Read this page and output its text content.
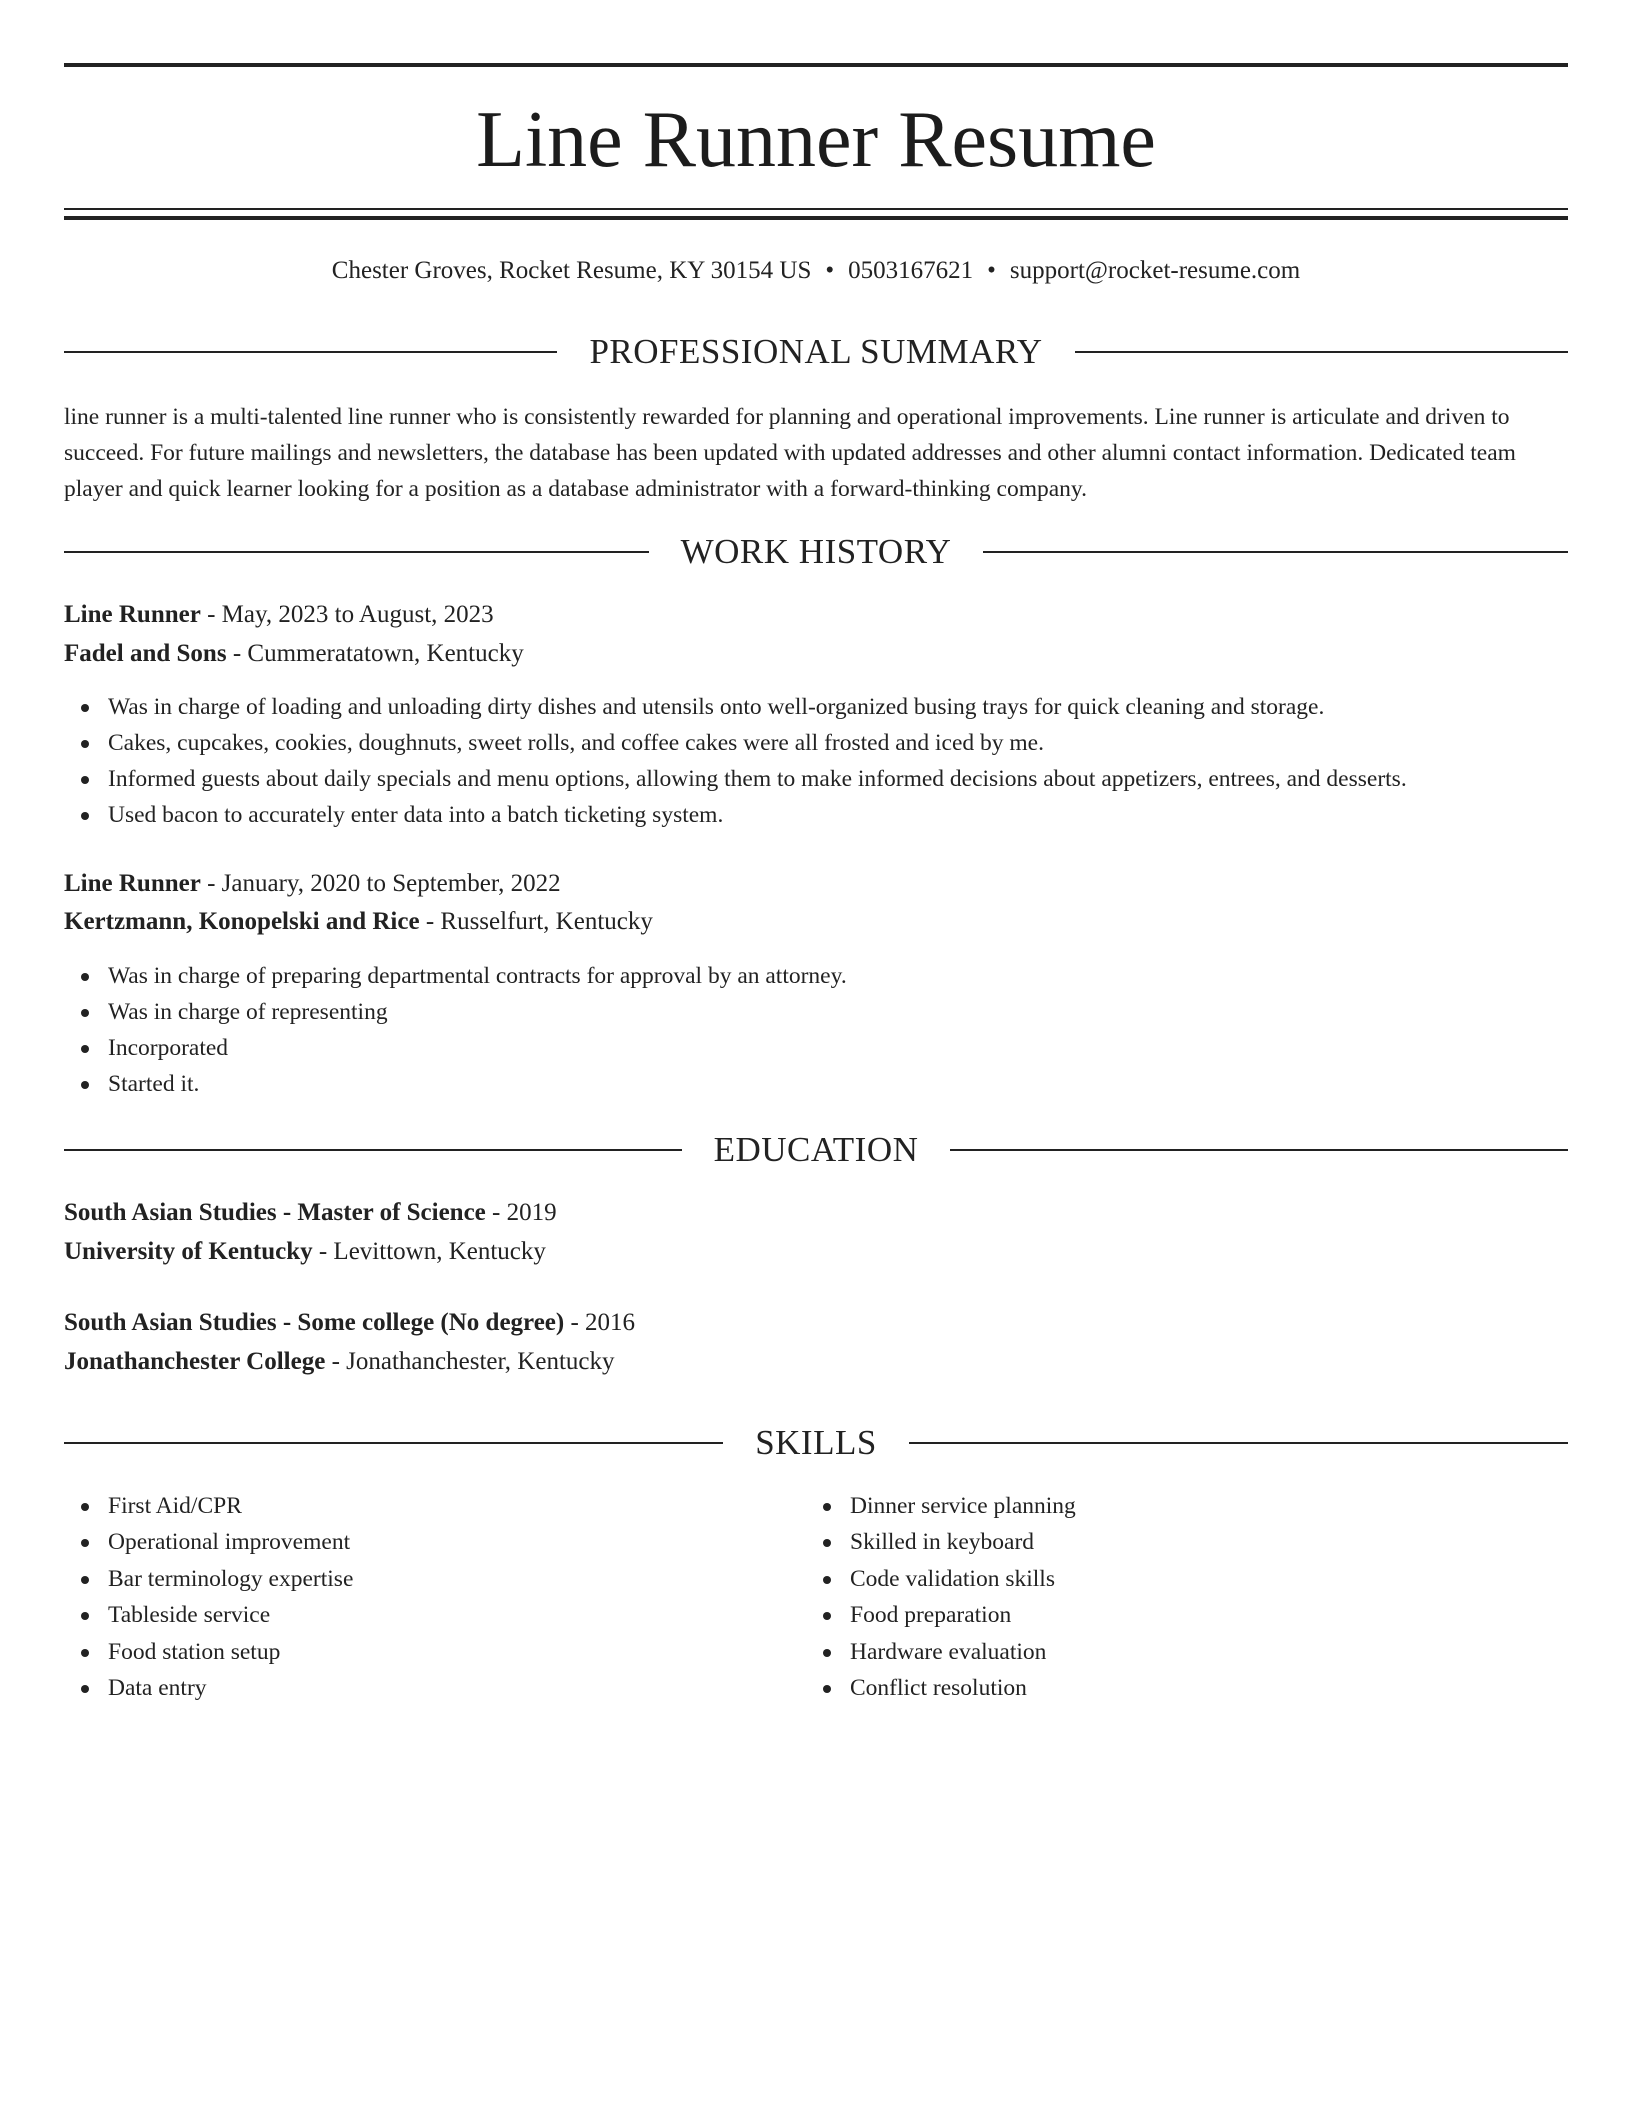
Line Runner Resume
Chester Groves, Rocket Resume, KY 30154 US • 0503167621 • support@rocket-resume.com
PROFESSIONAL SUMMARY

line runner is a multi-talented line runner who is consistently rewarded for planning and operational improvements. Line runner is articulate and driven to succeed. For future mailings and newsletters, the database has been updated with updated addresses and other alumni contact information. Dedicated team player and quick learner looking for a position as a database administrator with a forward-thinking company.

WORK HISTORY
Line Runner - May, 2023 to August, 2023
Fadel and Sons - Cummeratatown, Kentucky
Was in charge of loading and unloading dirty dishes and utensils onto well-organized busing trays for quick cleaning and storage.
Cakes, cupcakes, cookies, doughnuts, sweet rolls, and coffee cakes were all frosted and iced by me.
Informed guests about daily specials and menu options, allowing them to make informed decisions about appetizers, entrees, and desserts.
Used bacon to accurately enter data into a batch ticketing system.
Line Runner - January, 2020 to September, 2022
Kertzmann, Konopelski and Rice - Russelfurt, Kentucky
Was in charge of preparing departmental contracts for approval by an attorney.
Was in charge of representing
Incorporated
Started it.
EDUCATION
South Asian Studies - Master of Science - 2019
University of Kentucky - Levittown, Kentucky
South Asian Studies - Some college (No degree) - 2016
Jonathanchester College - Jonathanchester, Kentucky
SKILLS
First Aid/CPR
Operational improvement
Bar terminology expertise
Tableside service
Food station setup
Data entry
Dinner service planning
Skilled in keyboard
Code validation skills
Food preparation
Hardware evaluation
Conflict resolution
